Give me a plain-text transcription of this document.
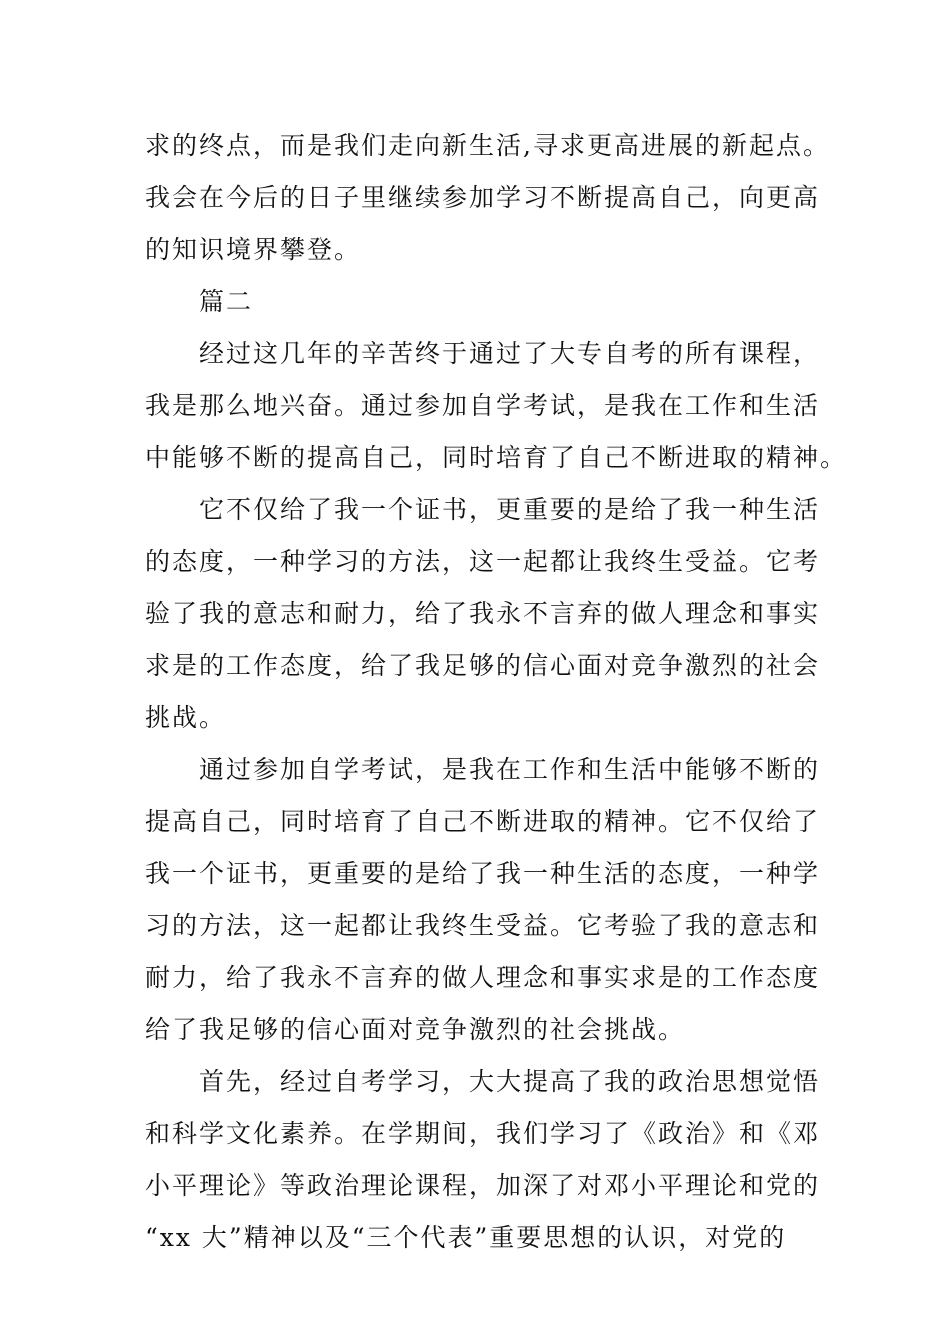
求的终点，而是我们走向新生活,寻求更高进展的新起点。
我会在今后的日子里继续参加学习不断提高自己，向更高
的知识境界攀登。
篇二
经过这几年的辛苦终于通过了大专自考的所有课程，
我是那么地兴奋。通过参加自学考试，是我在工作和生活
中能够不断的提高自己，同时培育了自己不断进取的精神。
它不仅给了我一个证书，更重要的是给了我一种生活
的态度，一种学习的方法，这一起都让我终生受益。它考
验了我的意志和耐力，给了我永不言弃的做人理念和事实
求是的工作态度，给了我足够的信心面对竞争激烈的社会
挑战。
通过参加自学考试，是我在工作和生活中能够不断的
提高自己，同时培育了自己不断进取的精神。它不仅给了
我一个证书，更重要的是给了我一种生活的态度，一种学
习的方法，这一起都让我终生受益。它考验了我的意志和
耐力，给了我永不言弃的做人理念和事实求是的工作态度
给了我足够的信心面对竞争激烈的社会挑战。
首先，经过自考学习，大大提高了我的政治思想觉悟
和科学文化素养。在学期间，我们学习了《政治》和《邓
小平理论》等政治理论课程，加深了对邓小平理论和党的
“xx 大”精神以及“三个代表”重要思想的认识，对党的
